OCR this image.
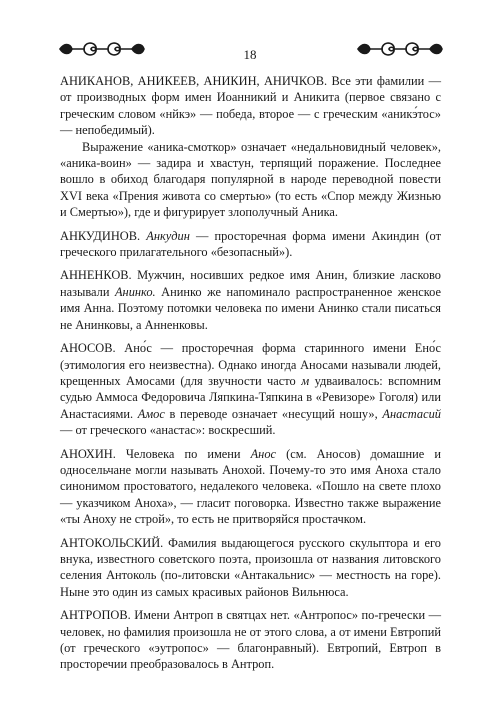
18

АНИКАНОВ, АНИКЕЕВ, АНИКИН, АНИЧКОВ. Все эти фамилии — от производных форм имен Иоанникий и Аникита (первое связано с греческим словом «нйкэ» — победа, второе — с греческим «аникэ́тос» — непобедимый).

Выражение «аника-смоткор» означает «недальновидный человек», «аника-воин» — задира и хвастун, терпящий поражение. Последнее вошло в обиход благодаря популярной в народе переводной повести XVI века «Прения живота со смертью» (то есть «Спор между Жизнью и Смертью»), где и фигурирует злополучный Аника.

АНКУДИНОВ. Анкудин — просторечная форма имени Акиндин (от греческого прилагательного «безопасный»).

АННЕНКОВ. Мужчин, носивших редкое имя Анин, близкие ласково называли Анинко. Анинко же напоминало распространенное женское имя Анна. Поэтому потомки человека по имени Анинко стали писаться не Анинковы, а Анненковы.

АНОСОВ. Ано́с — просторечная форма старинного имени Ено́с (этимология его неизвестна). Однако иногда Аносами называли людей, крещенных Амосами (для звучности часто м удваивалось: вспомним судью Аммоса Федоровича Ляпкина-Тяпкина в «Ревизоре» Гоголя) или Анастасиями. Амос в переводе означает «несущий ношу», Анастасий — от греческого «анастас»: воскресший.

АНОХИН. Человека по имени Анос (см. Аносов) домашние и односельчане могли называть Анохой. Почему-то это имя Аноха стало синонимом простоватого, недалекого человека. «Пошло на свете плохо — указчиком Аноха», — гласит поговорка. Известно также выражение «ты Аноху не строй», то есть не притворяйся простачком.

АНТОКОЛЬСКИЙ. Фамилия выдающегося русского скульптора и его внука, известного советского поэта, произошла от названия литовского селения Антоколь (по-литовски «Антакальнис» — местность на горе). Ныне это один из самых красивых районов Вильнюса.

АНТРОПОВ. Имени Антроп в святцах нет. «Антропос» по-гречески — человек, но фамилия произошла не от этого слова, а от имени Евтропий (от греческого «эутропос» — благонравный). Евтропий, Евтроп в просторечии преобразовалось в Антроп.
